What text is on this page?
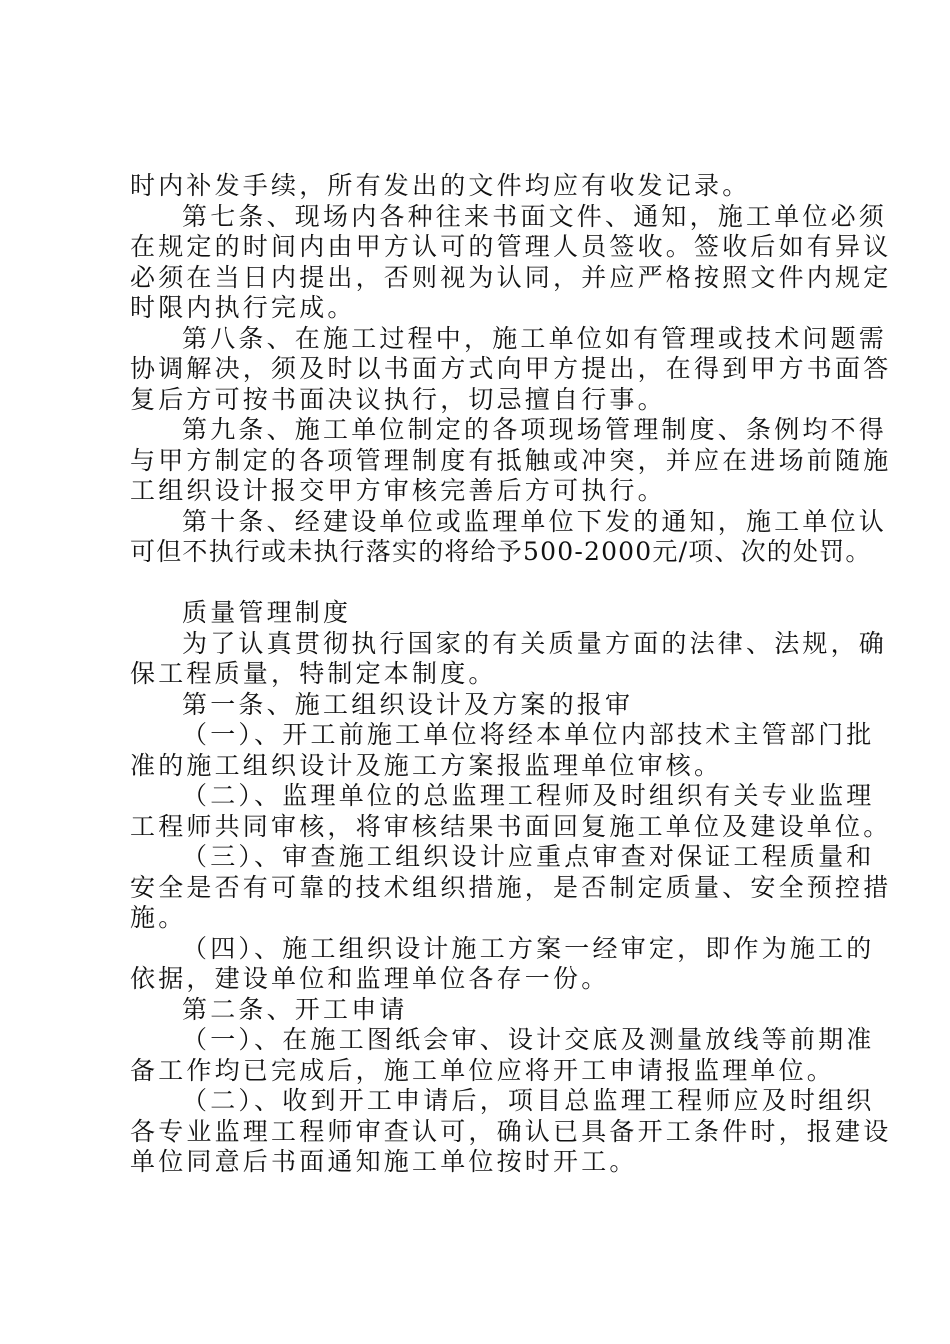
时内补发手续，所有发出的文件均应有收发记录。
第七条、现场内各种往来书面文件、通知，施工单位必须
在规定的时间内由甲方认可的管理人员签收。签收后如有异议
必须在当日内提出，否则视为认同，并应严格按照文件内规定
时限内执行完成。
第八条、在施工过程中，施工单位如有管理或技术问题需
协调解决，须及时以书面方式向甲方提出，在得到甲方书面答
复后方可按书面决议执行，切忌擅自行事。
第九条、施工单位制定的各项现场管理制度、条例均不得
与甲方制定的各项管理制度有抵触或冲突，并应在进场前随施
工组织设计报交甲方审核完善后方可执行。
第十条、经建设单位或监理单位下发的通知，施工单位认
可但不执行或未执行落实的将给予500-2000元/项、次的处罚。
质量管理制度
为了认真贯彻执行国家的有关质量方面的法律、法规，确
保工程质量，特制定本制度。
第一条、施工组织设计及方案的报审
（一）、开工前施工单位将经本单位内部技术主管部门批
准的施工组织设计及施工方案报监理单位审核。
（二）、监理单位的总监理工程师及时组织有关专业监理
工程师共同审核，将审核结果书面回复施工单位及建设单位。
（三）、审查施工组织设计应重点审查对保证工程质量和
安全是否有可靠的技术组织措施，是否制定质量、安全预控措
施。
（四）、施工组织设计施工方案一经审定，即作为施工的
依据，建设单位和监理单位各存一份。
第二条、开工申请
（一）、在施工图纸会审、设计交底及测量放线等前期准
备工作均已完成后，施工单位应将开工申请报监理单位。
（二）、收到开工申请后，项目总监理工程师应及时组织
各专业监理工程师审查认可，确认已具备开工条件时，报建设
单位同意后书面通知施工单位按时开工。
